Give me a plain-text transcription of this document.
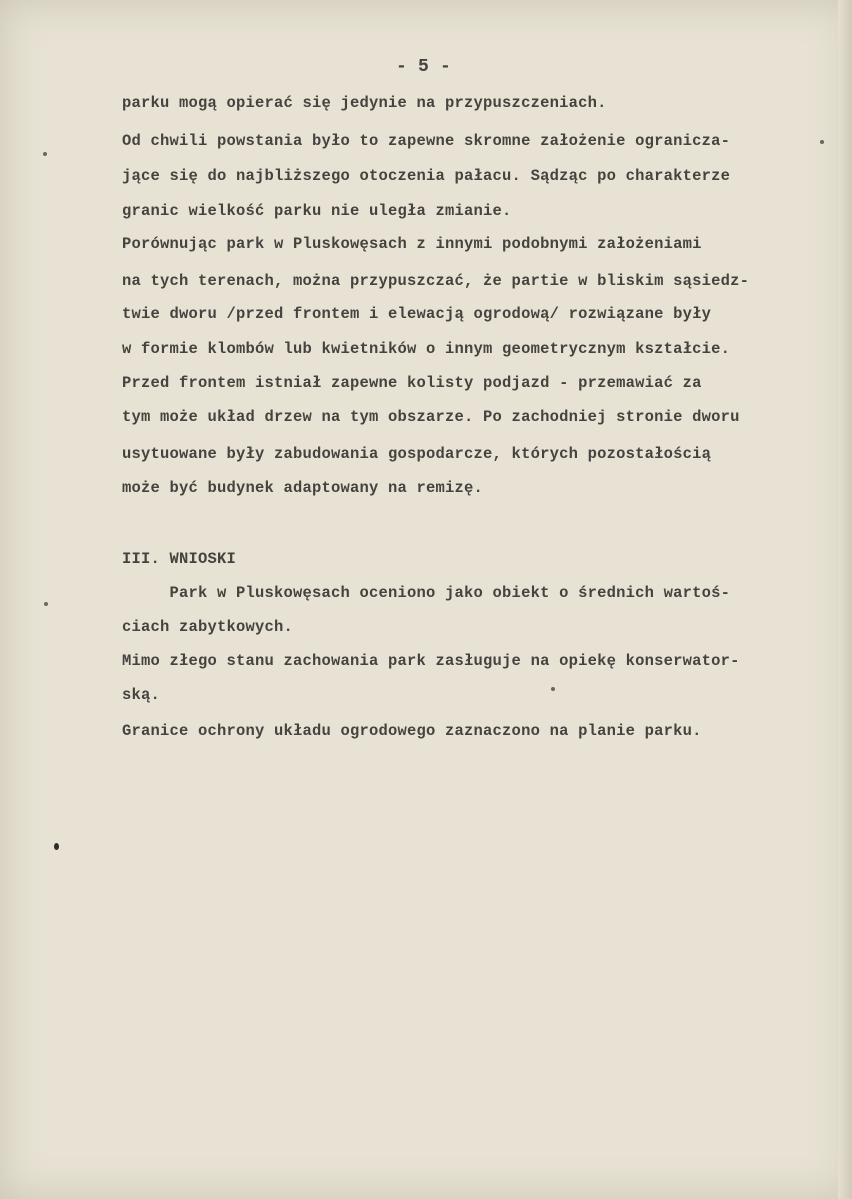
- 5 -
parku mogą opierać się jedynie na przypuszczeniach.
Od chwili powstania było to zapewne skromne założenie ogranicza-
jące się do najbliższego otoczenia pałacu. Sądząc po charakterze
granic wielkość parku nie uległa zmianie.
Porównując park w Pluskowęsach z innymi podobnymi założeniami
na tych terenach, można przypuszczać, że partie w bliskim sąsiedz-
twie dworu /przed frontem i elewacją ogrodową/ rozwiązane były
w formie klombów lub kwietników o innym geometrycznym kształcie.
Przed frontem istniał zapewne kolisty podjazd - przemawiać za
tym może układ drzew na tym obszarze. Po zachodniej stronie dworu
usytuowane były zabudowania gospodarcze, których pozostałością
może być budynek adaptowany na remizę.
III. WNIOSKI
Park w Pluskowęsach oceniono jako obiekt o średnich wartoś-
ciach zabytkowych.
Mimo złego stanu zachowania park zasługuje na opiekę konserwator-
ską.
Granice ochrony układu ogrodowego zaznaczono na planie parku.
